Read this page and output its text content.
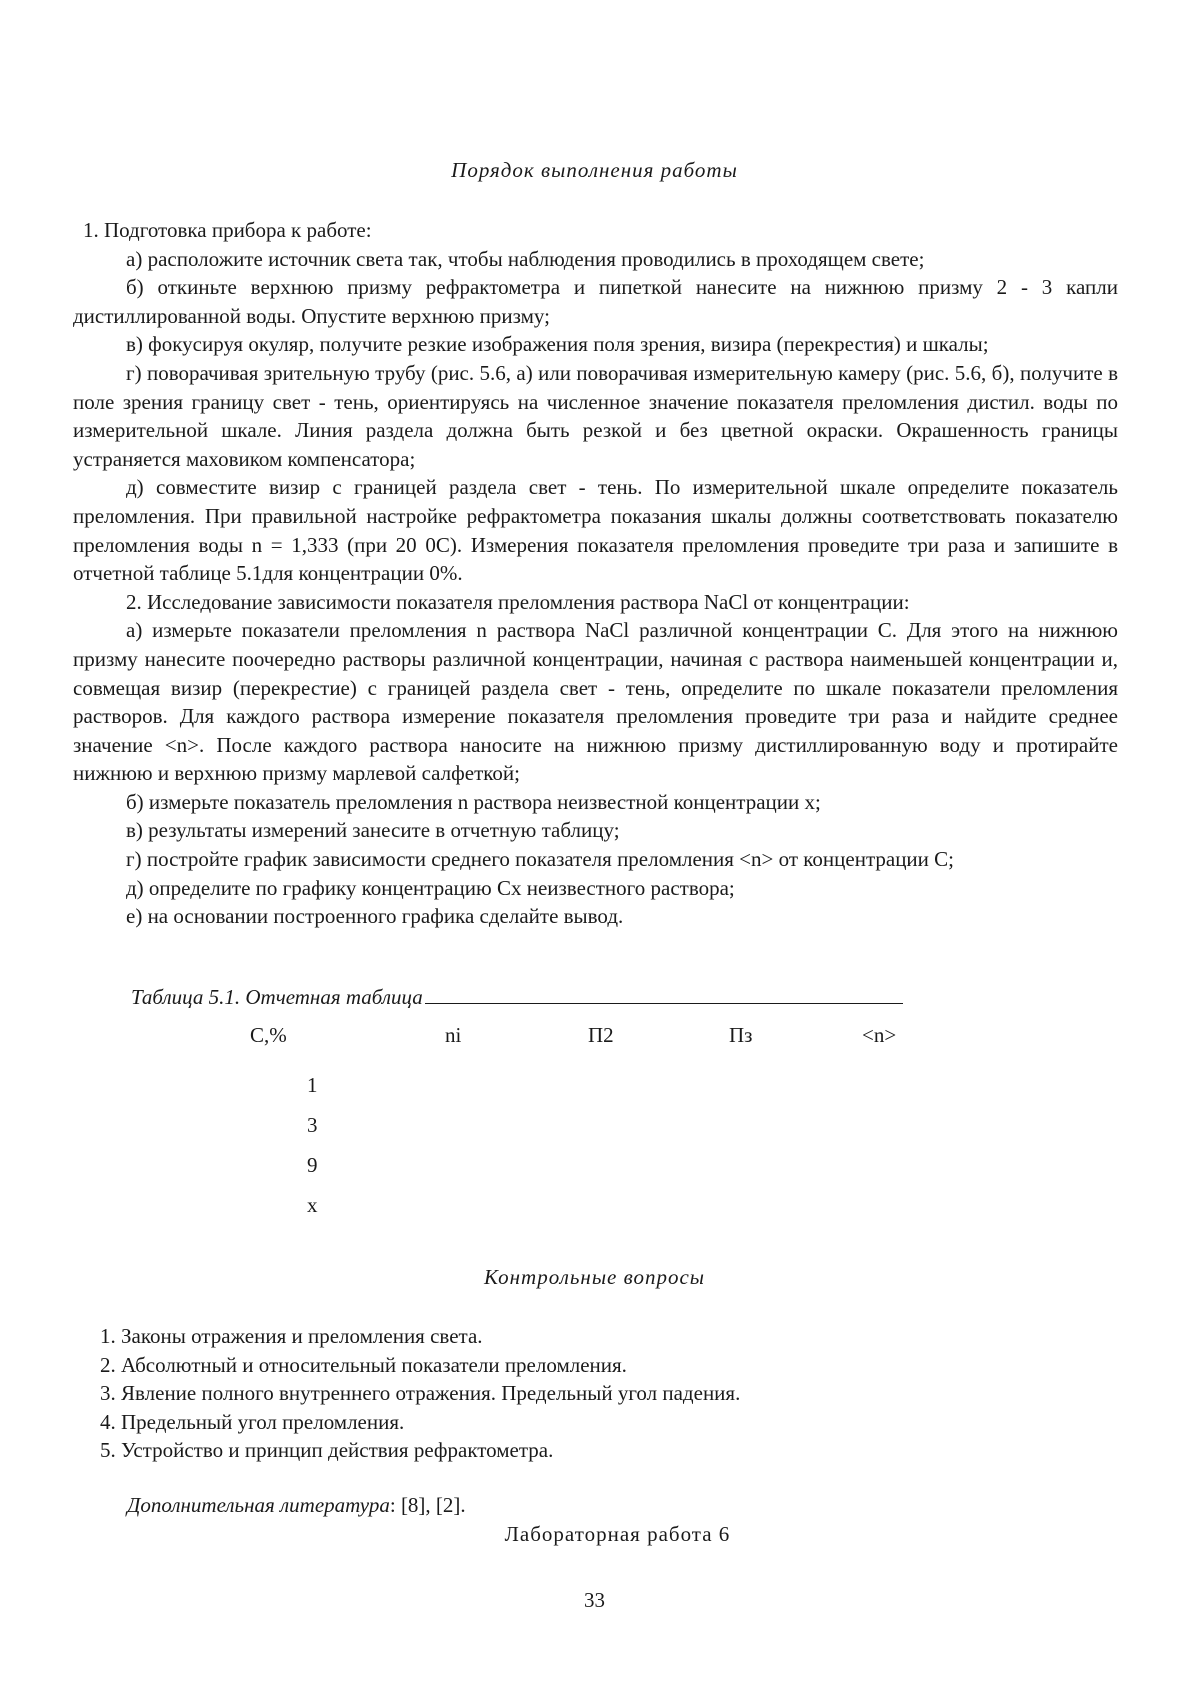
Порядок выполнения работы

1. Подготовка прибора к работе:

а) расположите источник света так, чтобы наблюдения проводились в проходящем свете;

б) откиньте верхнюю призму рефрактометра и пипеткой нанесите на нижнюю призму 2 - 3 капли дистиллированной воды. Опустите верхнюю призму;

в) фокусируя окуляр, получите резкие изображения поля зрения, визира (перекрестия) и шкалы;

г) поворачивая зрительную трубу (рис. 5.6, а) или поворачивая измерительную камеру (рис. 5.6, б), получите в поле зрения границу свет - тень, ориентируясь на численное значение показателя преломления дистил. воды по измерительной шкале. Линия раздела должна быть резкой и без цветной окраски. Окрашенность границы устраняется маховиком компенсатора;

д) совместите визир с границей раздела свет - тень. По измерительной шкале определите показатель преломления. При правильной настройке рефрактометра показания шкалы должны соответствовать показателю преломления воды n = 1,333 (при 20 0С). Измерения показателя преломления проведите три раза и запишите в отчетной таблице 5.1для концентрации 0%.

2. Исследование зависимости показателя преломления раствора NaCl от концентрации:

а) измерьте показатели преломления n раствора NaCl различной концентрации С. Для этого на нижнюю призму нанесите поочередно растворы различной концентрации, начиная с раствора наименьшей концентрации и, совмещая визир (перекрестие) с границей раздела свет - тень, определите по шкале показатели преломления растворов. Для каждого раствора измерение показателя преломления проведите три раза и найдите среднее значение <n>. После каждого раствора наносите на нижнюю призму дистиллированную воду и протирайте нижнюю и верхнюю призму марлевой салфеткой;

б) измерьте показатель преломления n раствора неизвестной концентрации х;

в) результаты измерений занесите в отчетную таблицу;

г) постройте график зависимости среднего показателя преломления <n> от концентрации С;

д) определите по графику концентрацию Сх неизвестного раствора;

е) на основании построенного графика сделайте вывод.

Таблица 5.1. Отчетная таблица
С,%	ni	П2	Пз	<n>
1
3
9
х
Контрольные вопросы

1. Законы отражения и преломления света.

2. Абсолютный и относительный показатели преломления.

3. Явление полного внутреннего отражения. Предельный угол падения.

4. Предельный угол преломления.

5. Устройство и принцип действия рефрактометра.

Дополнительная литература: [8], [2].
Лабораторная работа 6
33
